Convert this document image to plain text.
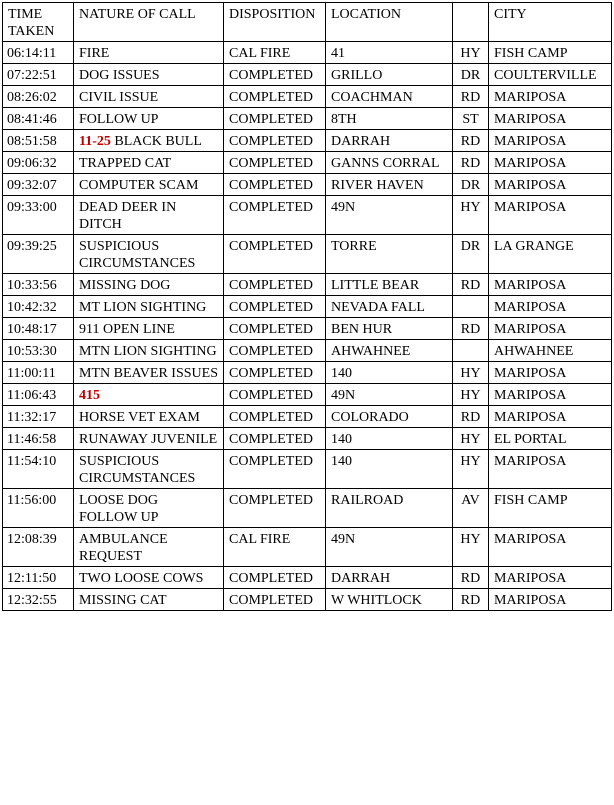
TIME TAKEN	NATURE OF CALL	DISPOSITION	LOCATION		CITY
06:14:11	FIRE	CAL FIRE	41	HY	FISH CAMP
07:22:51	DOG ISSUES	COMPLETED	GRILLO	DR	COULTERVILLE
08:26:02	CIVIL ISSUE	COMPLETED	COACHMAN	RD	MARIPOSA
08:41:46	FOLLOW UP	COMPLETED	8TH	ST	MARIPOSA
08:51:58	11-25 BLACK BULL	COMPLETED	DARRAH	RD	MARIPOSA
09:06:32	TRAPPED CAT	COMPLETED	GANNS CORRAL	RD	MARIPOSA
09:32:07	COMPUTER SCAM	COMPLETED	RIVER HAVEN	DR	MARIPOSA
09:33:00	DEAD DEER IN DITCH	COMPLETED	49N	HY	MARIPOSA
09:39:25	SUSPICIOUS CIRCUMSTANCES	COMPLETED	TORRE	DR	LA GRANGE
10:33:56	MISSING DOG	COMPLETED	LITTLE BEAR	RD	MARIPOSA
10:42:32	MT LION SIGHTING	COMPLETED	NEVADA FALL		MARIPOSA
10:48:17	911 OPEN LINE	COMPLETED	BEN HUR	RD	MARIPOSA
10:53:30	MTN LION SIGHTING	COMPLETED	AHWAHNEE		AHWAHNEE
11:00:11	MTN BEAVER ISSUES	COMPLETED	140	HY	MARIPOSA
11:06:43	415	COMPLETED	49N	HY	MARIPOSA
11:32:17	HORSE VET EXAM	COMPLETED	COLORADO	RD	MARIPOSA
11:46:58	RUNAWAY JUVENILE	COMPLETED	140	HY	EL PORTAL
11:54:10	SUSPICIOUS CIRCUMSTANCES	COMPLETED	140	HY	MARIPOSA
11:56:00	LOOSE DOG FOLLOW UP	COMPLETED	RAILROAD	AV	FISH CAMP
12:08:39	AMBULANCE REQUEST	CAL FIRE	49N	HY	MARIPOSA
12:11:50	TWO LOOSE COWS	COMPLETED	DARRAH	RD	MARIPOSA
12:32:55	MISSING CAT	COMPLETED	W WHITLOCK	RD	MARIPOSA
